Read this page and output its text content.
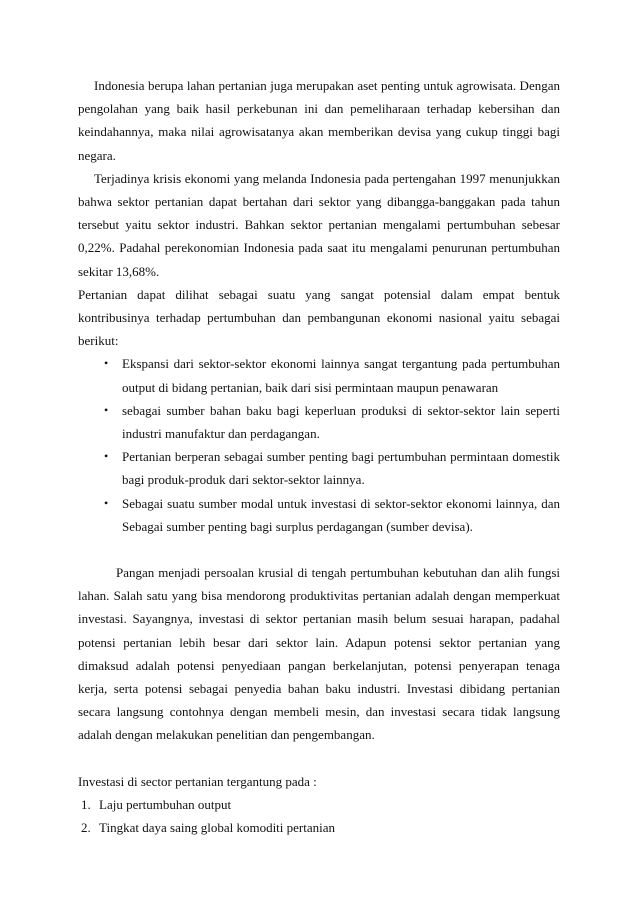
Indonesia berupa lahan pertanian juga merupakan aset penting untuk agrowisata. Dengan pengolahan yang baik hasil perkebunan ini dan pemeliharaan terhadap kebersihan dan keindahannya, maka nilai agrowisatanya akan memberikan devisa yang cukup tinggi bagi negara.

Terjadinya krisis ekonomi yang melanda Indonesia pada pertengahan 1997 menunjukkan bahwa sektor pertanian dapat bertahan dari sektor yang dibangga-banggakan pada tahun tersebut yaitu sektor industri. Bahkan sektor pertanian mengalami pertumbuhan sebesar 0,22%. Padahal perekonomian Indonesia pada saat itu mengalami penurunan pertumbuhan sekitar 13,68%.

Pertanian dapat dilihat sebagai suatu yang sangat potensial dalam empat bentuk kontribusinya terhadap pertumbuhan dan pembangunan ekonomi nasional yaitu sebagai berikut:

• Ekspansi dari sektor-sektor ekonomi lainnya sangat tergantung pada pertumbuhan output di bidang pertanian, baik dari sisi permintaan maupun penawaran
• sebagai sumber bahan baku bagi keperluan produksi di sektor-sektor lain seperti industri manufaktur dan perdagangan.
• Pertanian berperan sebagai sumber penting bagi pertumbuhan permintaan domestik bagi produk-produk dari sektor-sektor lainnya.
• Sebagai suatu sumber modal untuk investasi di sektor-sektor ekonomi lainnya, dan Sebagai sumber penting bagi surplus perdagangan (sumber devisa).

Pangan menjadi persoalan krusial di tengah pertumbuhan kebutuhan dan alih fungsi lahan. Salah satu yang bisa mendorong produktivitas pertanian adalah dengan memperkuat investasi. Sayangnya, investasi di sektor pertanian masih belum sesuai harapan, padahal potensi pertanian lebih besar dari sektor lain. Adapun potensi sektor pertanian yang dimaksud adalah potensi penyediaan pangan berkelanjutan, potensi penyerapan tenaga kerja, serta potensi sebagai penyedia bahan baku industri. Investasi dibidang pertanian secara langsung contohnya dengan membeli mesin, dan investasi secara tidak langsung adalah dengan melakukan penelitian dan pengembangan.

Investasi di sector pertanian tergantung pada :

1. Laju pertumbuhan output
2. Tingkat daya saing global komoditi pertanian
